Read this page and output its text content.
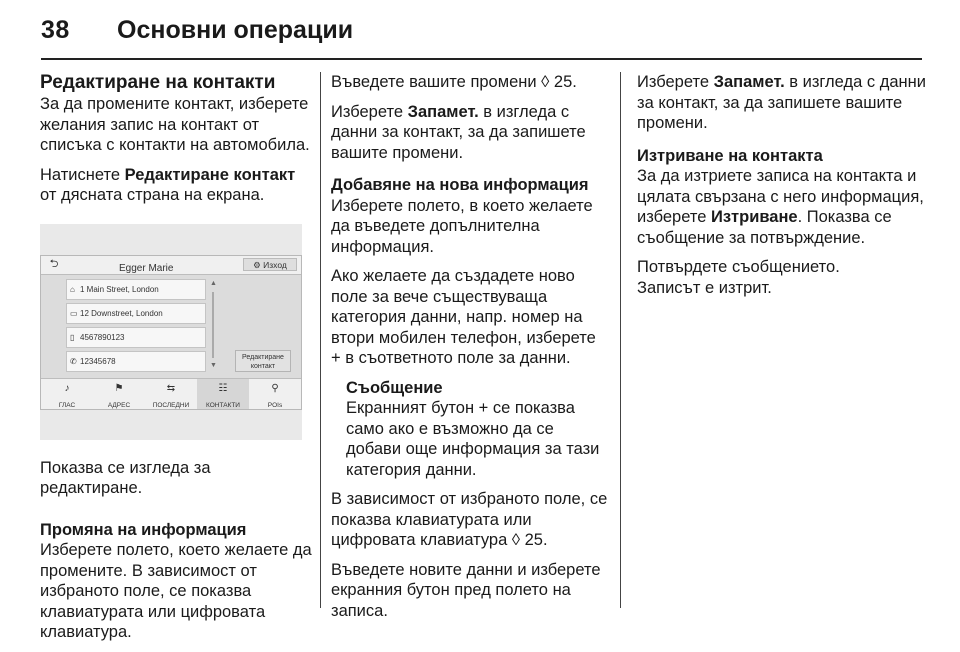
38 Основни операции
Редактиране на контакти

За да промените контакт, изберете желания запис на контакт от списъка с контакти на автомобила.

Натиснете Редактиране контакт от дясната страна на екрана.

⮌	Egger Marie	⚙ Изход
⌂ 1 Main Street, London
▭ 12 Downstreet, London
▯ 4567890123
✆ 12345678
▲
▼
Редактиране контакт
♪
ГЛАС
⚑
АДРЕС
⇆
ПОСЛЕДНИ
☷
КОНТАКТИ
⚲
POIs

Показва се изгледа за редактиране.

Промяна на информация

Изберете полето, което желаете да промените. В зависимост от избраното поле, се показва клавиатурата или цифровата клавиатура.

Въведете вашите промени ◊ 25.

Изберете Запамет. в изгледа с данни за контакт, за да запишете вашите промени.

Добавяне на нова информация

Изберете полето, в което желаете да въведете допълнителна информация.

Ако желаете да създадете ново поле за вече съществуваща категория данни, напр. номер на втори мобилен телефон, изберете + в съответното поле за данни.

Съобщение
Екранният бутон + се показва само ако е възможно да се добави още информация за тази категория данни.

В зависимост от избраното поле, се показва клавиатурата или цифровата клавиатура ◊ 25.

Въведете новите данни и изберете екранния бутон пред полето на записа.

Изберете Запамет. в изгледа с данни за контакт, за да запишете вашите промени.

Изтриване на контакта

За да изтриете записа на контакта и цялата свързана с него информация, изберете Изтриване. Показва се съобщение за потвърждение.

Потвърдете съобщението.

Записът е изтрит.
